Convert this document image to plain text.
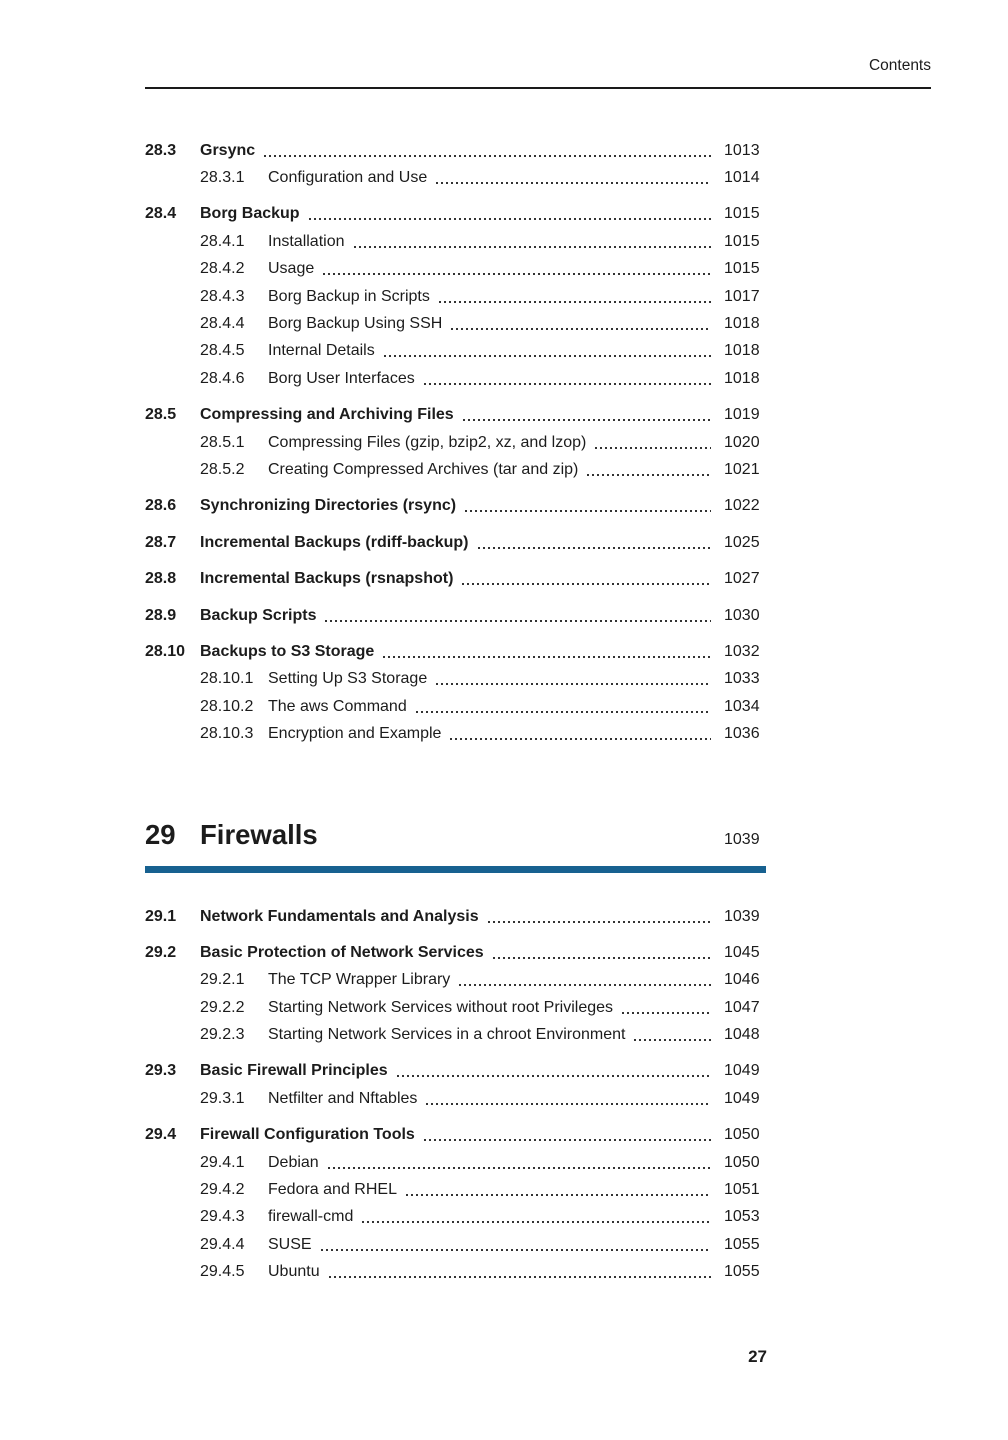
Contents
28.3	Grsync	1013
28.3.1	Configuration and Use	1014
28.4	Borg Backup	1015
28.4.1	Installation	1015
28.4.2	Usage	1015
28.4.3	Borg Backup in Scripts	1017
28.4.4	Borg Backup Using SSH	1018
28.4.5	Internal Details	1018
28.4.6	Borg User Interfaces	1018
28.5	Compressing and Archiving Files	1019
28.5.1	Compressing Files (gzip, bzip2, xz, and lzop)	1020
28.5.2	Creating Compressed Archives (tar and zip)	1021
28.6	Synchronizing Directories (rsync)	1022
28.7	Incremental Backups (rdiff-backup)	1025
28.8	Incremental Backups (rsnapshot)	1027
28.9	Backup Scripts	1030
28.10 Backups to S3 Storage	1032
28.10.1 Setting Up S3 Storage	1033
28.10.2 The aws Command	1034
28.10.3 Encryption and Example	1036
29 Firewalls	1039
29.1	Network Fundamentals and Analysis	1039
29.2	Basic Protection of Network Services	1045
29.2.1	The TCP Wrapper Library	1046
29.2.2	Starting Network Services without root Privileges	1047
29.2.3	Starting Network Services in a chroot Environment	1048
29.3	Basic Firewall Principles	1049
29.3.1	Netfilter and Nftables	1049
29.4	Firewall Configuration Tools	1050
29.4.1	Debian	1050
29.4.2	Fedora and RHEL	1051
29.4.3	firewall-cmd	1053
29.4.4	SUSE	1055
29.4.5	Ubuntu	1055
27
